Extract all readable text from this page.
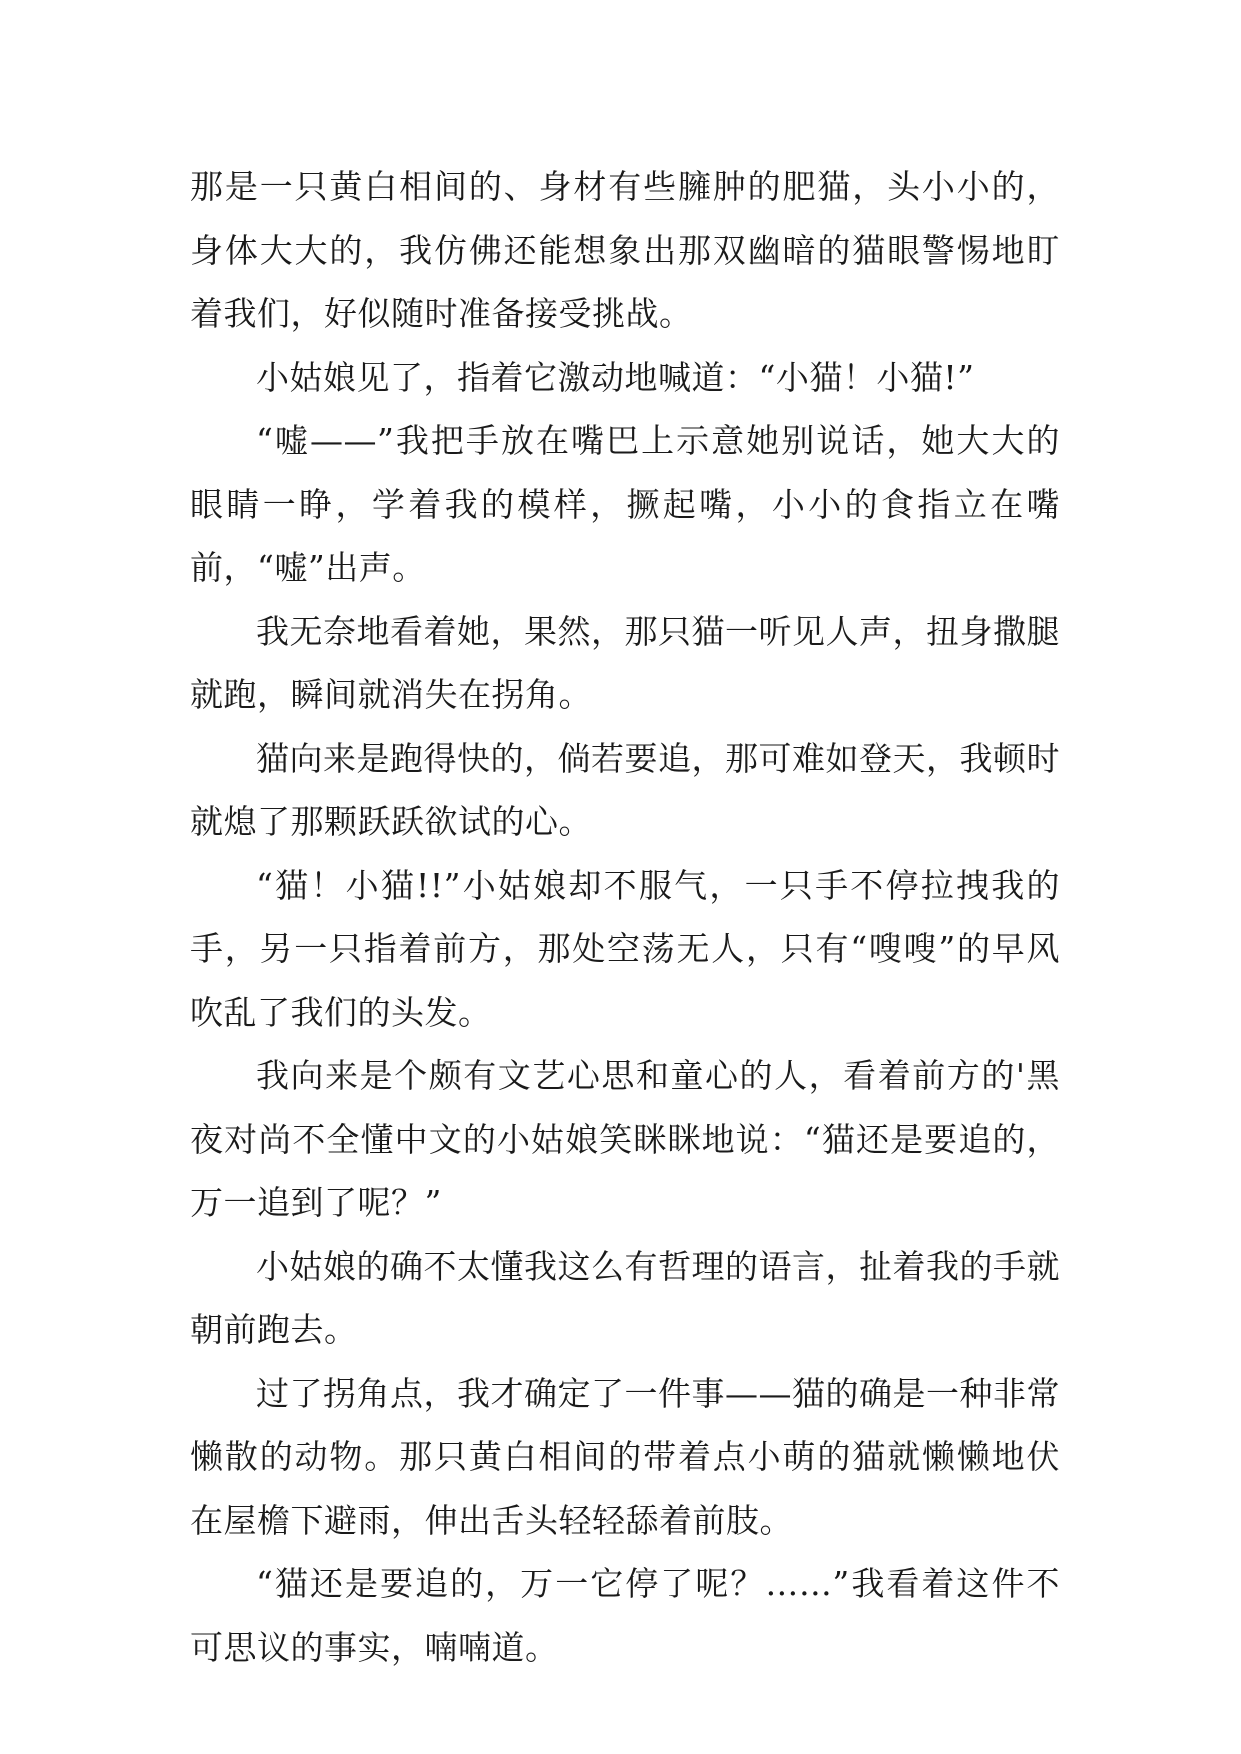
那是一只黄白相间的、身材有些臃肿的肥猫，头小小的，身体大大的，我仿佛还能想象出那双幽暗的猫眼警惕地盯着我们，好似随时准备接受挑战。

小姑娘见了，指着它激动地喊道：“小猫！小猫!”

“嘘——”我把手放在嘴巴上示意她别说话，她大大的眼睛一睁，学着我的模样，撅起嘴，小小的食指立在嘴前，“嘘”出声。

我无奈地看着她，果然，那只猫一听见人声，扭身撒腿就跑，瞬间就消失在拐角。

猫向来是跑得快的，倘若要追，那可难如登天，我顿时就熄了那颗跃跃欲试的心。

“猫！小猫!!”小姑娘却不服气，一只手不停拉拽我的手，另一只指着前方，那处空荡无人，只有“嗖嗖”的早风吹乱了我们的头发。

我向来是个颇有文艺心思和童心的人，看着前方的'黑夜对尚不全懂中文的小姑娘笑眯眯地说：“猫还是要追的，万一追到了呢？”

小姑娘的确不太懂我这么有哲理的语言，扯着我的手就朝前跑去。

过了拐角点，我才确定了一件事——猫的确是一种非常懒散的动物。那只黄白相间的带着点小萌的猫就懒懒地伏在屋檐下避雨，伸出舌头轻轻舔着前肢。

“猫还是要追的，万一它停了呢？……”我看着这件不可思议的事实，喃喃道。
